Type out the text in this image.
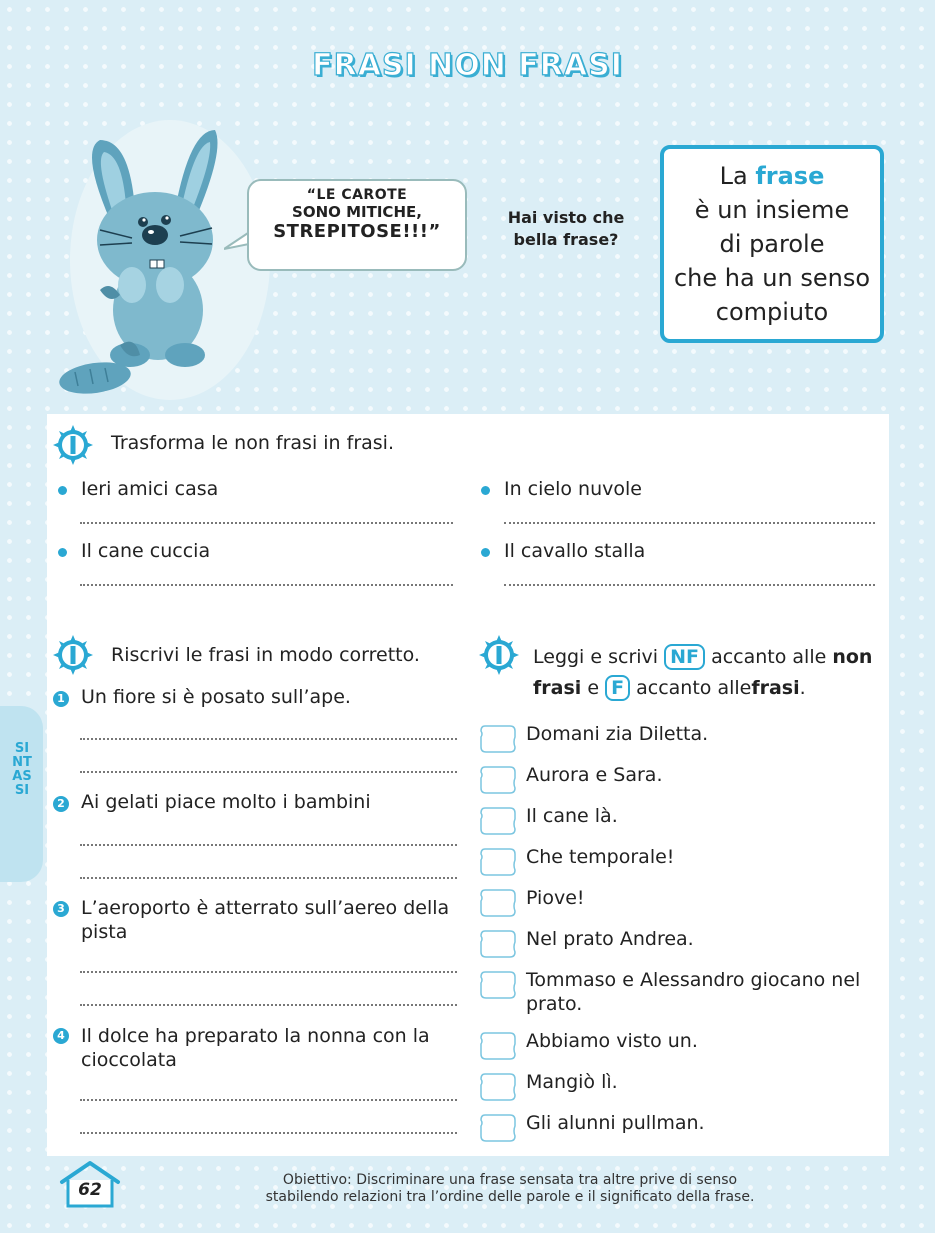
FRASI NON FRASI
“LE CAROTE
SONO MITICHE,
STREPITOSE!!!”
Hai visto che bella frase?
La frase
è un insieme
di parole
che ha un senso
compiuto
SINTASSI
Trasforma le non frasi in frasi.
Ieri amici casa	In cielo nuvole
Il cane cuccia	Il cavallo stalla
Riscrivi le frasi in modo corretto.
1 Un fiore si è posato sull’ape.
2 Ai gelati piace molto i bambini
3 L’aeroporto è atterrato sull’aereo della pista
4 Il dolce ha preparato la nonna con la cioccolata
Leggi e scrivi NF accanto alle non frasi e F accanto allefrasi.
Domani zia Diletta.
Aurora e Sara.
Il cane là.
Che temporale!
Piove!
Nel prato Andrea.
Tommaso e Alessandro giocano nel prato.
Abbiamo visto un.
Mangiò lì.
Gli alunni pullman.
62	Obiettivo: Discriminare una frase sensata tra altre prive di senso
stabilendo relazioni tra l’ordine delle parole e il significato della frase.
